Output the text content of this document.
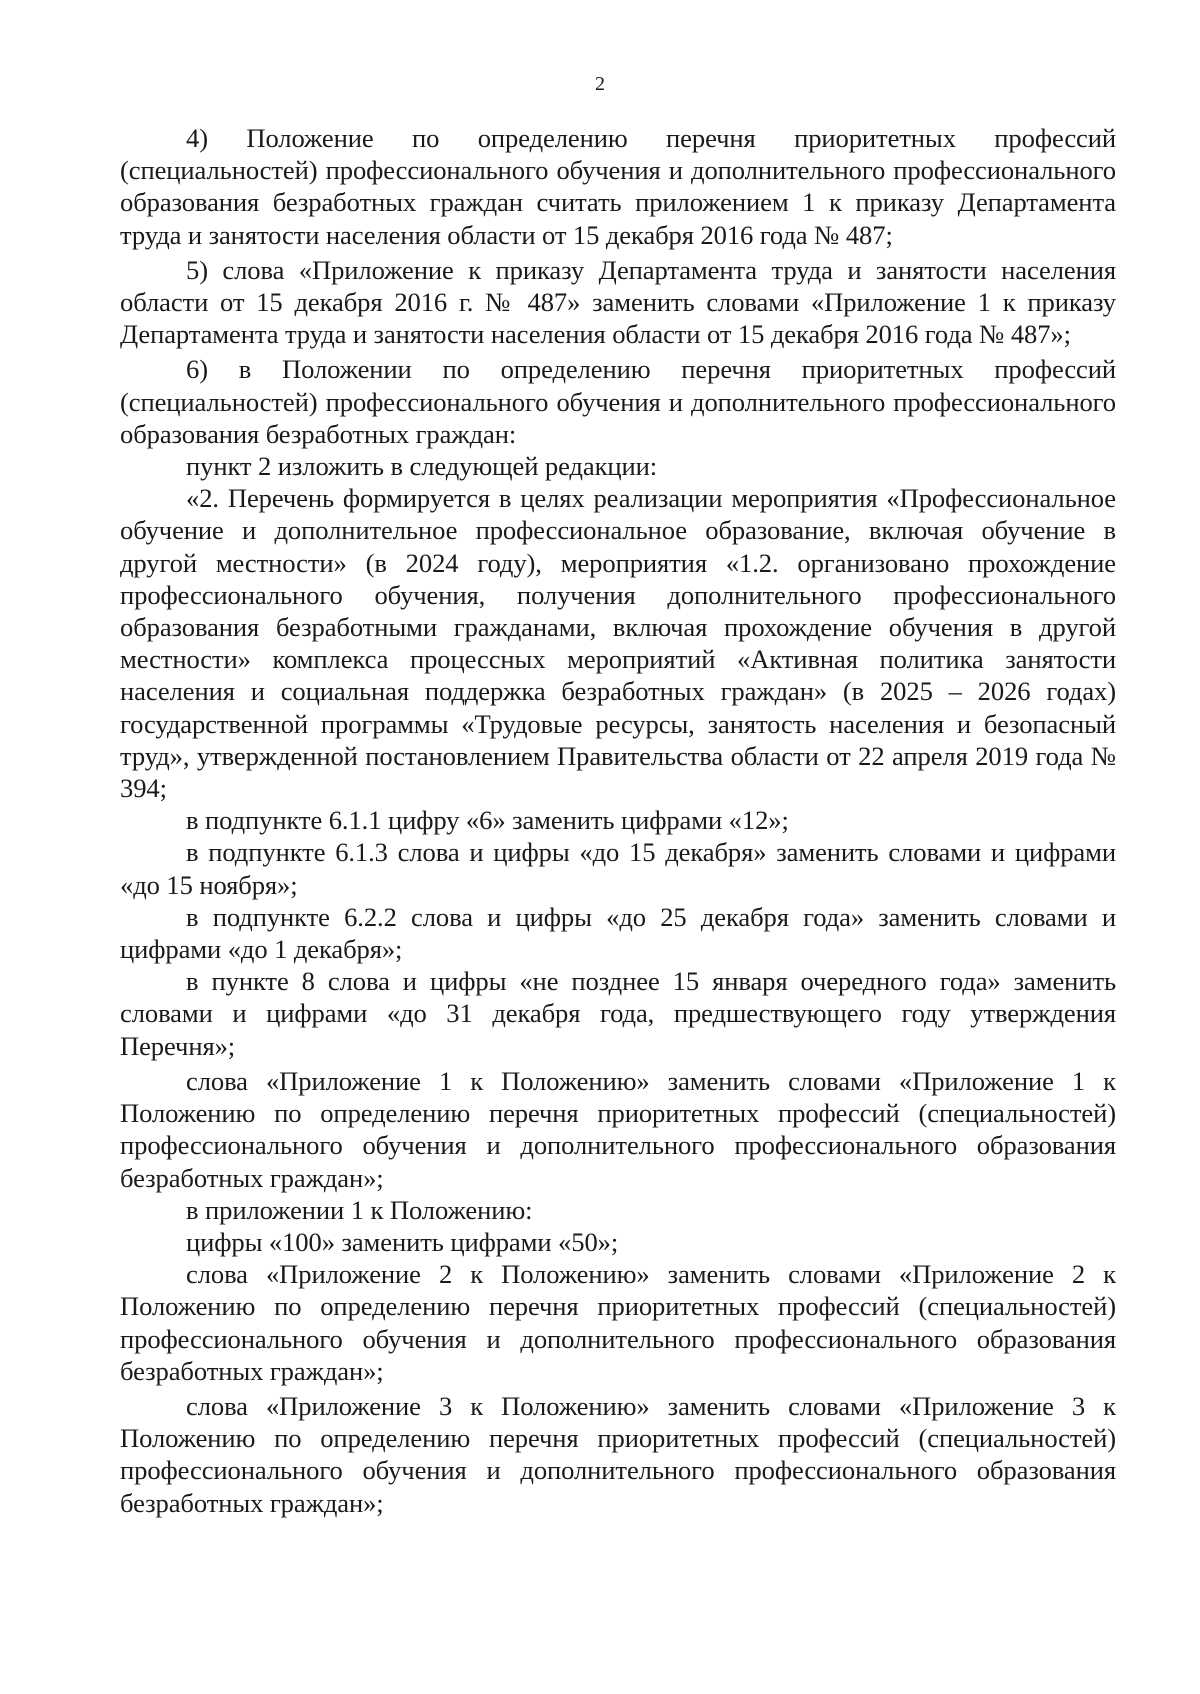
2

4) Положение по определению перечня приоритетных профессий (специальностей) профессионального обучения и дополнительного профессионального образования безработных граждан считать приложением 1 к приказу Департамента труда и занятости населения области от 15 декабря 2016 года № 487;

5) слова «Приложение к приказу Департамента труда и занятости населения области от 15 декабря 2016 г. № 487» заменить словами «Приложение 1 к приказу Департамента труда и занятости населения области от 15 декабря 2016 года № 487»;

6) в Положении по определению перечня приоритетных профессий (специальностей) профессионального обучения и дополнительного профессионального образования безработных граждан:

пункт 2 изложить в следующей редакции:

«2. Перечень формируется в целях реализации мероприятия «Профессиональное обучение и дополнительное профессиональное образование, включая обучение в другой местности» (в 2024 году), мероприятия «1.2. организовано прохождение профессионального обучения, получения дополнительного профессионального образования безработными гражданами, включая прохождение обучения в другой местности» комплекса процессных мероприятий «Активная политика занятости населения и социальная поддержка безработных граждан» (в 2025 – 2026 годах) государственной программы «Трудовые ресурсы, занятость населения и безопасный труд», утвержденной постановлением Правительства области от 22 апреля 2019 года № 394;

в подпункте 6.1.1 цифру «6» заменить цифрами «12»;

в подпункте 6.1.3 слова и цифры «до 15 декабря» заменить словами и цифрами «до 15 ноября»;

в подпункте 6.2.2 слова и цифры «до 25 декабря года» заменить словами и цифрами «до 1 декабря»;

в пункте 8 слова и цифры «не позднее 15 января очередного года» заменить словами и цифрами «до 31 декабря года, предшествующего году утверждения Перечня»;

слова «Приложение 1 к Положению» заменить словами «Приложение 1 к Положению по определению перечня приоритетных профессий (специальностей) профессионального обучения и дополнительного профессионального образования безработных граждан»;

в приложении 1 к Положению:

цифры «100» заменить цифрами «50»;

слова «Приложение 2 к Положению» заменить словами «Приложение 2 к Положению по определению перечня приоритетных профессий (специальностей) профессионального обучения и дополнительного профессионального образования безработных граждан»;

слова «Приложение 3 к Положению» заменить словами «Приложение 3 к Положению по определению перечня приоритетных профессий (специальностей) профессионального обучения и дополнительного профессионального образования безработных граждан»;
